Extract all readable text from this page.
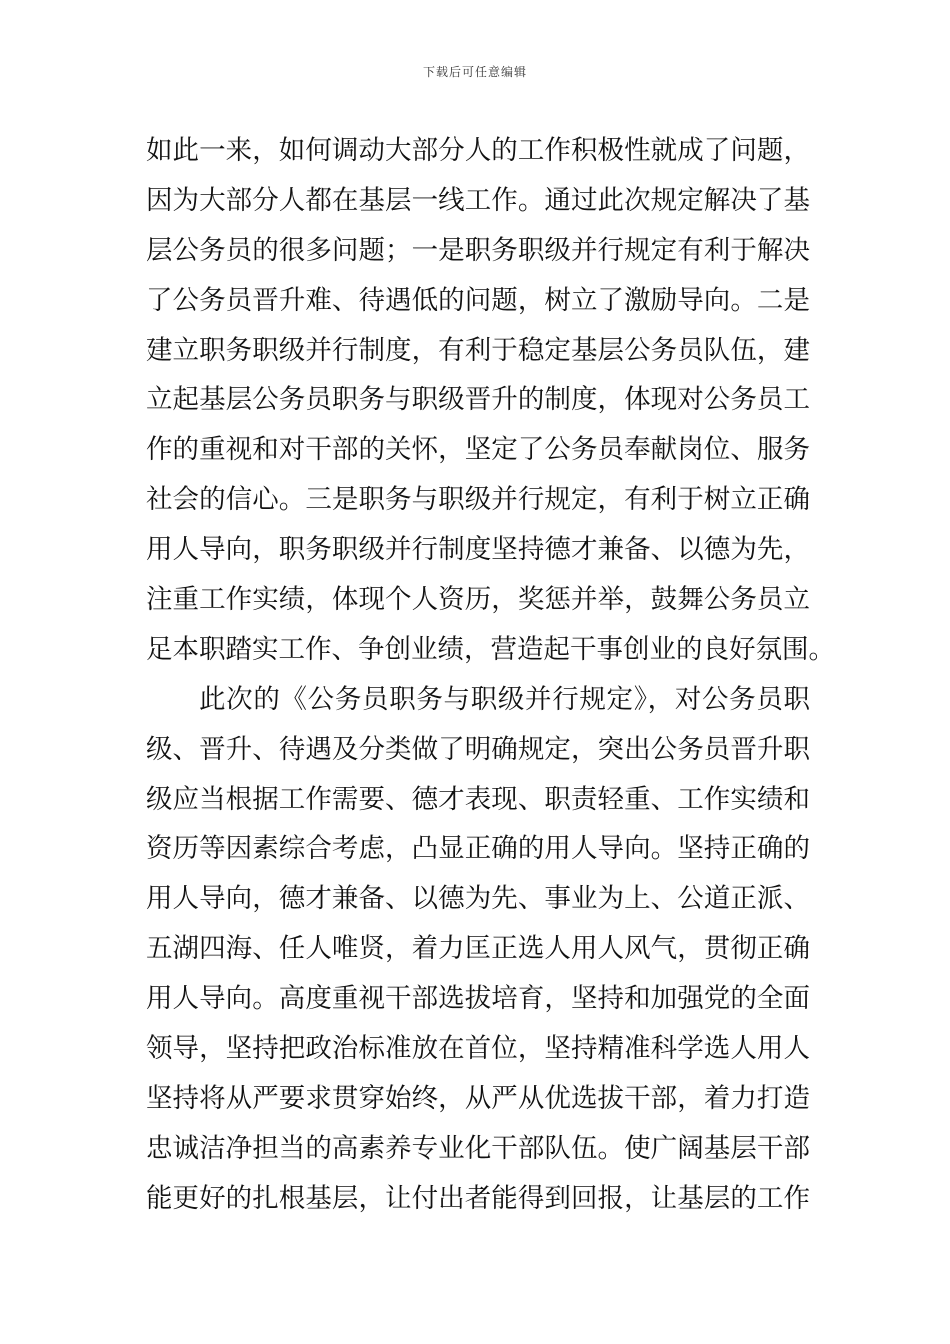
下载后可任意编辑
如此一来，如何调动大部分人的工作积极性就成了问题，
因为大部分人都在基层一线工作。通过此次规定解决了基
层公务员的很多问题；一是职务职级并行规定有利于解决
了公务员晋升难、待遇低的问题，树立了激励导向。二是
建立职务职级并行制度，有利于稳定基层公务员队伍，建
立起基层公务员职务与职级晋升的制度，体现对公务员工
作的重视和对干部的关怀，坚定了公务员奉献岗位、服务
社会的信心。三是职务与职级并行规定，有利于树立正确
用人导向，职务职级并行制度坚持德才兼备、以德为先，
注重工作实绩，体现个人资历，奖惩并举，鼓舞公务员立
足本职踏实工作、争创业绩，营造起干事创业的良好氛围。
此次的《公务员职务与职级并行规定》，对公务员职
级、晋升、待遇及分类做了明确规定，突出公务员晋升职
级应当根据工作需要、德才表现、职责轻重、工作实绩和
资历等因素综合考虑，凸显正确的用人导向。坚持正确的
用人导向，德才兼备、以德为先、事业为上、公道正派、
五湖四海、任人唯贤，着力匡正选人用人风气，贯彻正确
用人导向。高度重视干部选拔培育，坚持和加强党的全面
领导，坚持把政治标准放在首位，坚持精准科学选人用人
坚持将从严要求贯穿始终，从严从优选拔干部，着力打造
忠诚洁净担当的高素养专业化干部队伍。使广阔基层干部
能更好的扎根基层，让付出者能得到回报，让基层的工作
